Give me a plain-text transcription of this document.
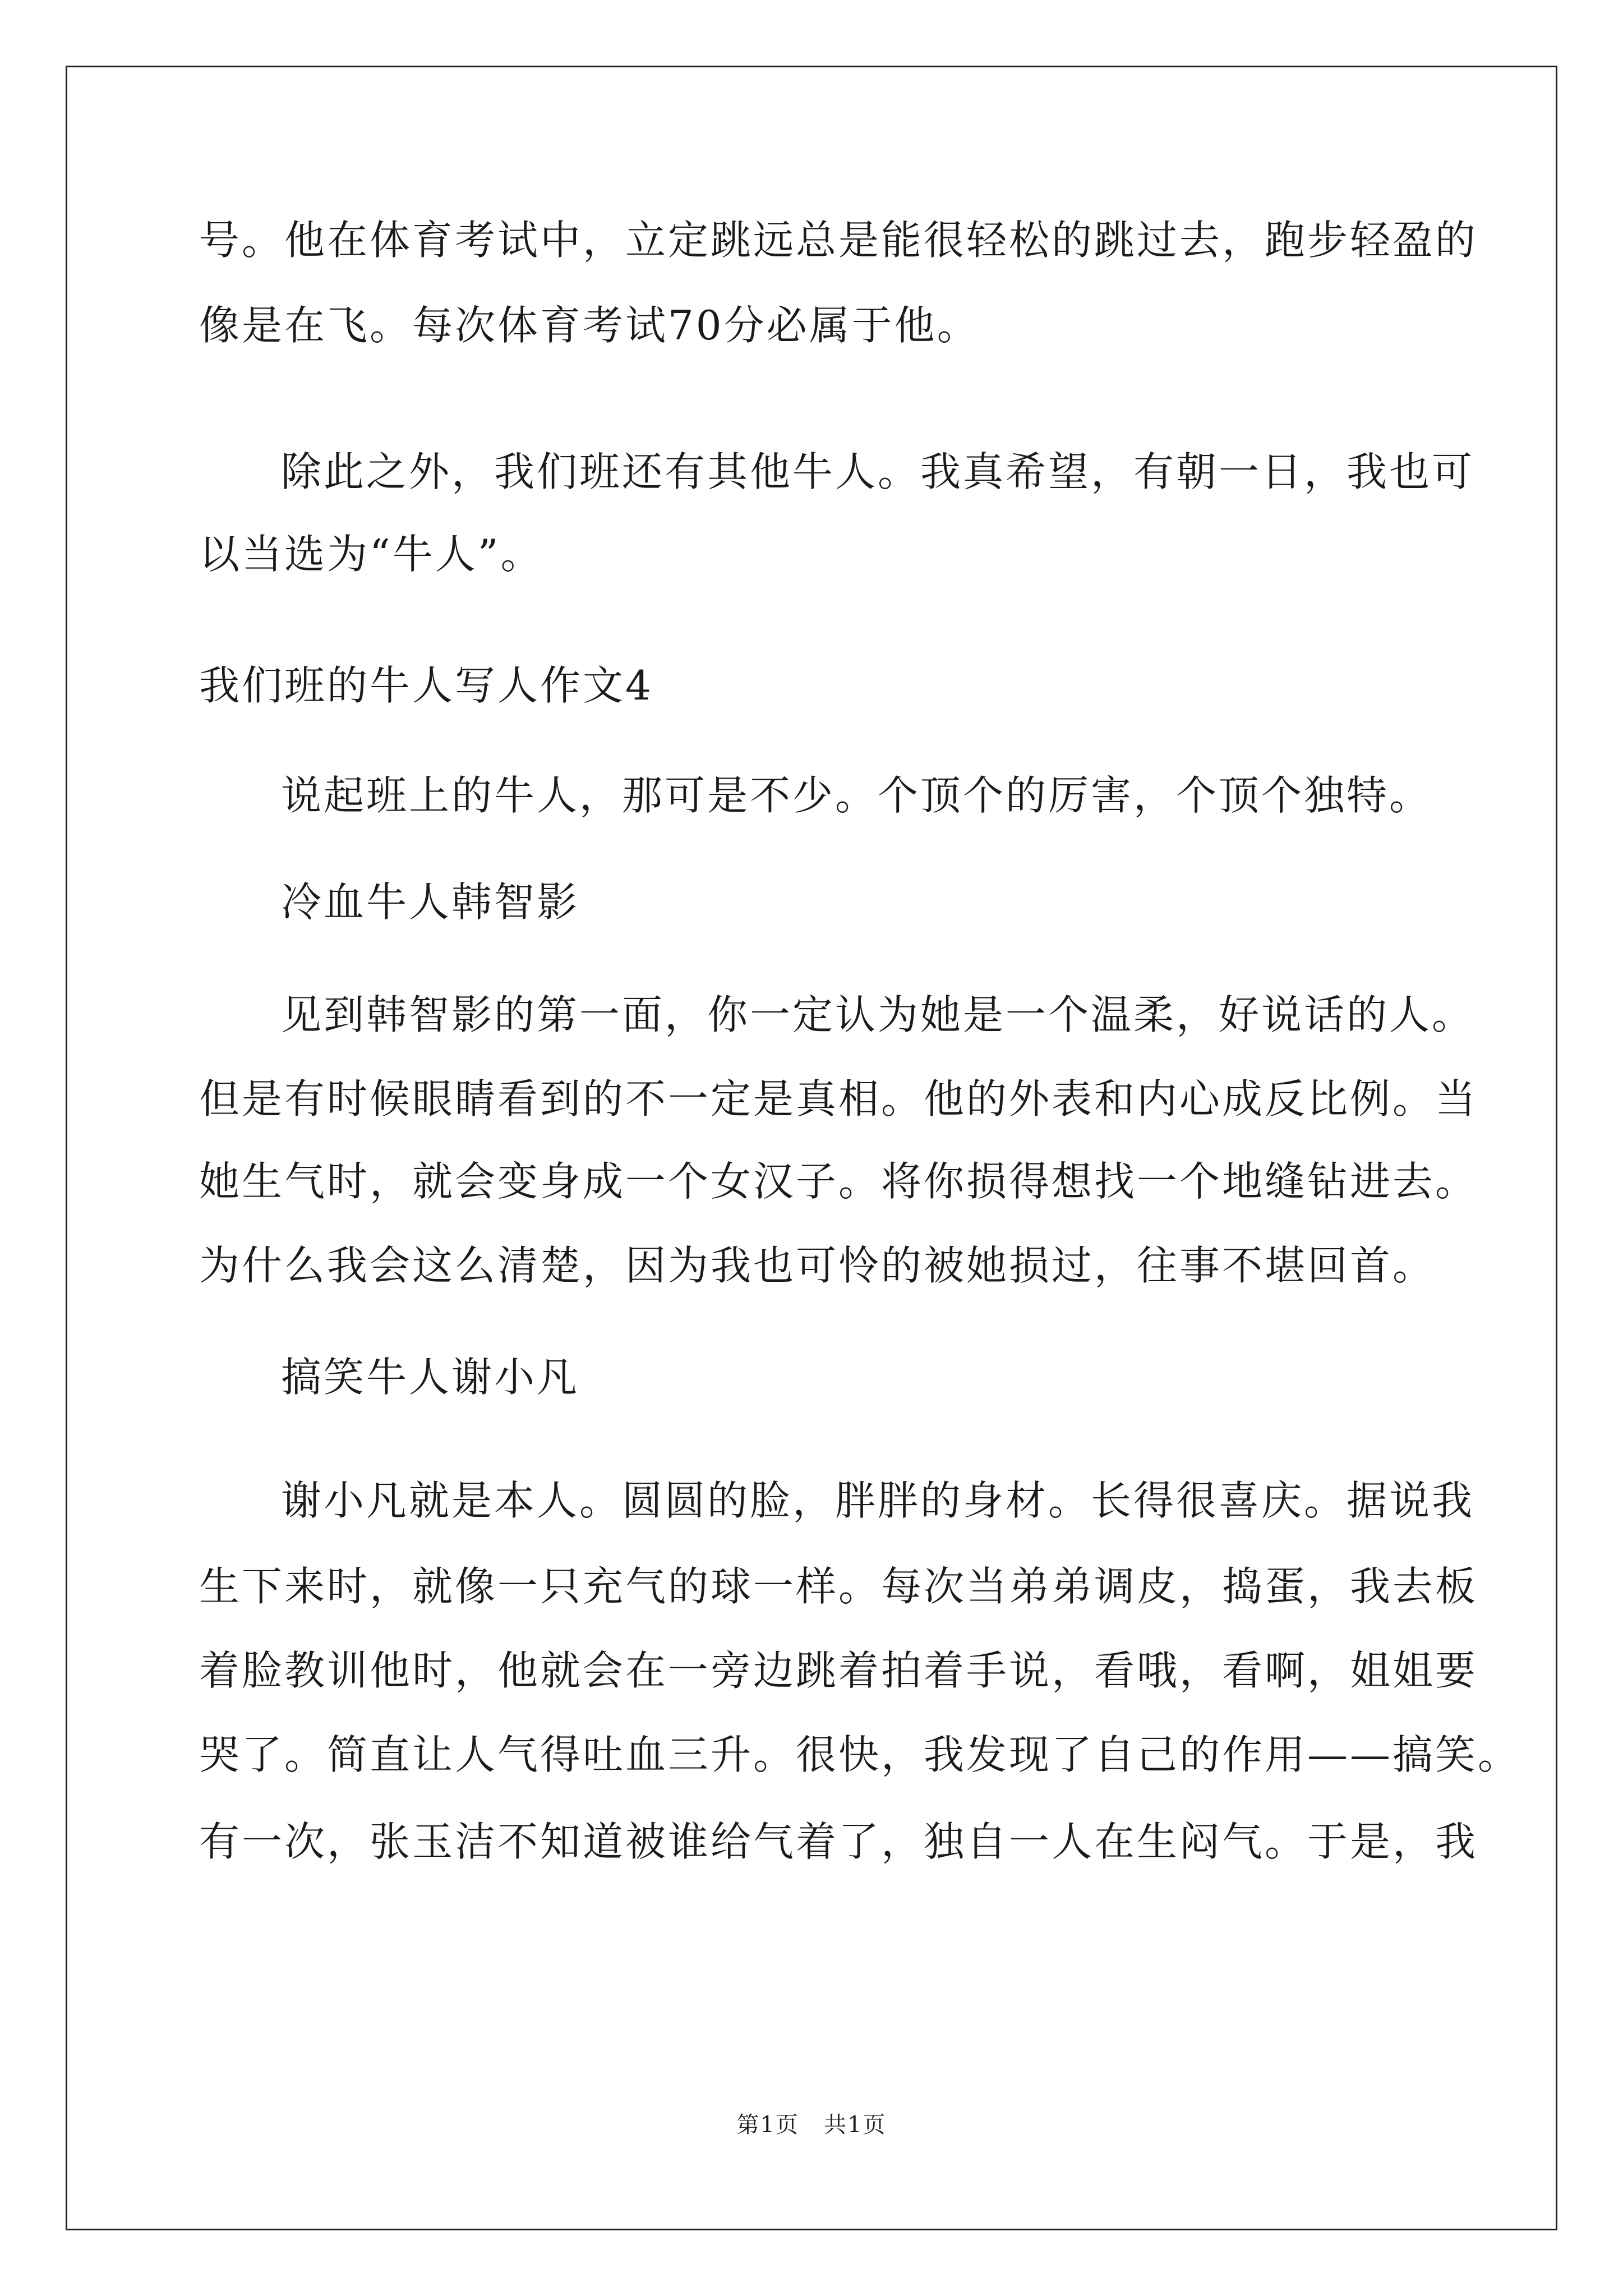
号。他在体育考试中，立定跳远总是能很轻松的跳过去，跑步轻盈的
像是在飞。每次体育考试70分必属于他。
除此之外，我们班还有其他牛人。我真希望，有朝一日，我也可
以当选为“牛人”。
我们班的牛人写人作文4
说起班上的牛人，那可是不少。个顶个的厉害，个顶个独特。
冷血牛人韩智影
见到韩智影的第一面，你一定认为她是一个温柔，好说话的人。
但是有时候眼睛看到的不一定是真相。他的外表和内心成反比例。当
她生气时，就会变身成一个女汉子。将你损得想找一个地缝钻进去。
为什么我会这么清楚，因为我也可怜的被她损过，往事不堪回首。
搞笑牛人谢小凡
谢小凡就是本人。圆圆的脸，胖胖的身材。长得很喜庆。据说我
生下来时，就像一只充气的球一样。每次当弟弟调皮，捣蛋，我去板
着脸教训他时，他就会在一旁边跳着拍着手说，看哦，看啊，姐姐要
哭了。简直让人气得吐血三升。很快，我发现了自己的作用——搞笑。
有一次，张玉洁不知道被谁给气着了，独自一人在生闷气。于是，我
第1页   共1页
